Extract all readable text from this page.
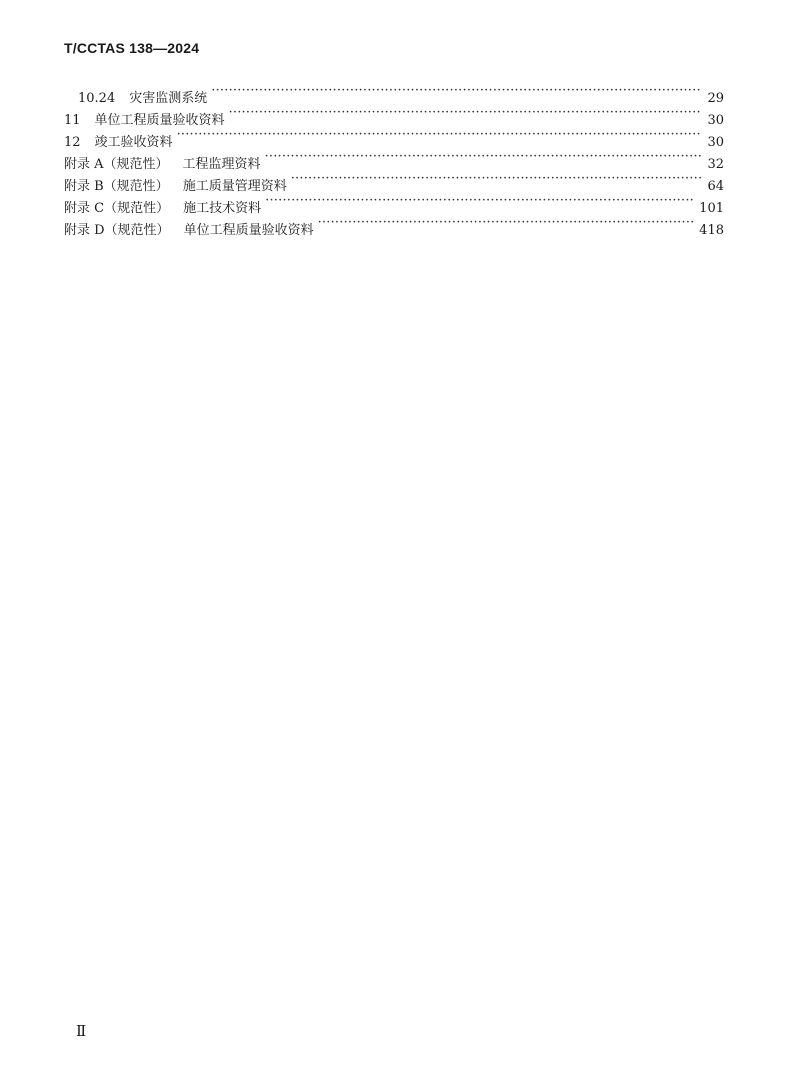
T/CCTAS 138—2024
10.24	灾害监测系统 ·····	29
11	单位工程质量验收资料 ·····	30
12	竣工验收资料 ·····	30
附录 A（规范性）	工程监理资料 ·····	32
附录 B（规范性）	施工质量管理资料 ·····	64
附录 C（规范性）	施工技术资料 ·····	101
附录 D（规范性）	单位工程质量验收资料 ·····	418
Ⅱ
